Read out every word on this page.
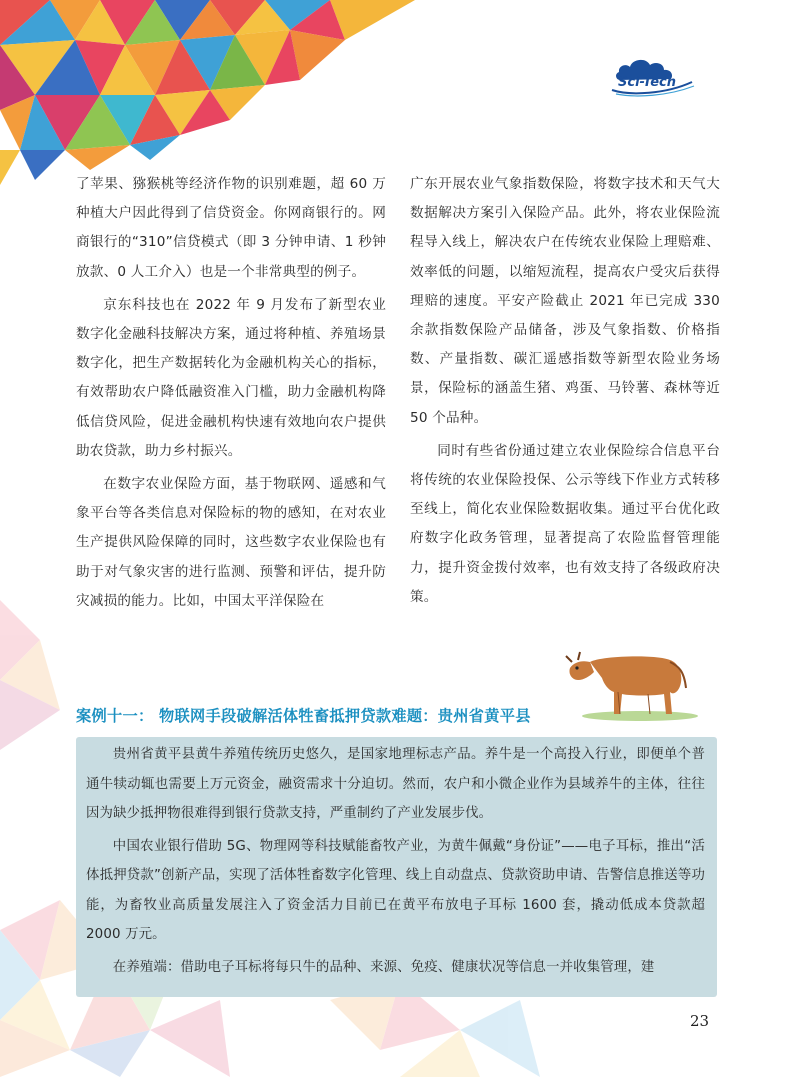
Sci-Tech

了苹果、猕猴桃等经济作物的识别难题，超 60 万种植大户因此得到了信贷资金。你网商银行的。网商银行的“310”信贷模式（即 3 分钟申请、1 秒钟放款、0 人工介入）也是一个非常典型的例子。

京东科技也在 2022 年 9 月发布了新型农业数字化金融科技解决方案，通过将种植、养殖场景数字化，把生产数据转化为金融机构关心的指标，有效帮助农户降低融资准入门槛，助力金融机构降低信贷风险，促进金融机构快速有效地向农户提供助农贷款，助力乡村振兴。

在数字农业保险方面，基于物联网、遥感和气象平台等各类信息对保险标的物的感知，在对农业生产提供风险保障的同时，这些数字农业保险也有助于对气象灾害的进行监测、预警和评估，提升防灾减损的能力。比如，中国太平洋保险在

广东开展农业气象指数保险，将数字技术和天气大数据解决方案引入保险产品。此外，将农业保险流程导入线上，解决农户在传统农业保险上理赔难、效率低的问题，以缩短流程，提高农户受灾后获得理赔的速度。平安产险截止 2021 年已完成 330 余款指数保险产品储备，涉及气象指数、价格指数、产量指数、碳汇遥感指数等新型农险业务场景，保险标的涵盖生猪、鸡蛋、马铃薯、森林等近 50 个品种。

同时有些省份通过建立农业保险综合信息平台将传统的农业保险投保、公示等线下作业方式转移至线上，简化农业保险数据收集。通过平台优化政府数字化政务管理，显著提高了农险监督管理能力，提升资金拨付效率，也有效支持了各级政府决策。

案例十一： 物联网手段破解活体牲畜抵押贷款难题：贵州省黄平县

贵州省黄平县黄牛养殖传统历史悠久，是国家地理标志产品。养牛是一个高投入行业，即便单个普通牛犊动辄也需要上万元资金，融资需求十分迫切。然而，农户和小微企业作为县域养牛的主体，往往因为缺少抵押物很难得到银行贷款支持，严重制约了产业发展步伐。

中国农业银行借助 5G、物理网等科技赋能畜牧产业，为黄牛佩戴“身份证”——电子耳标，推出“活体抵押贷款”创新产品，实现了活体牲畜数字化管理、线上自动盘点、贷款资助申请、告警信息推送等功能，为畜牧业高质量发展注入了资金活力目前已在黄平布放电子耳标 1600 套，撬动低成本贷款超 2000 万元。

在养殖端：借助电子耳标将每只牛的品种、来源、免疫、健康状况等信息一并收集管理，建

23
